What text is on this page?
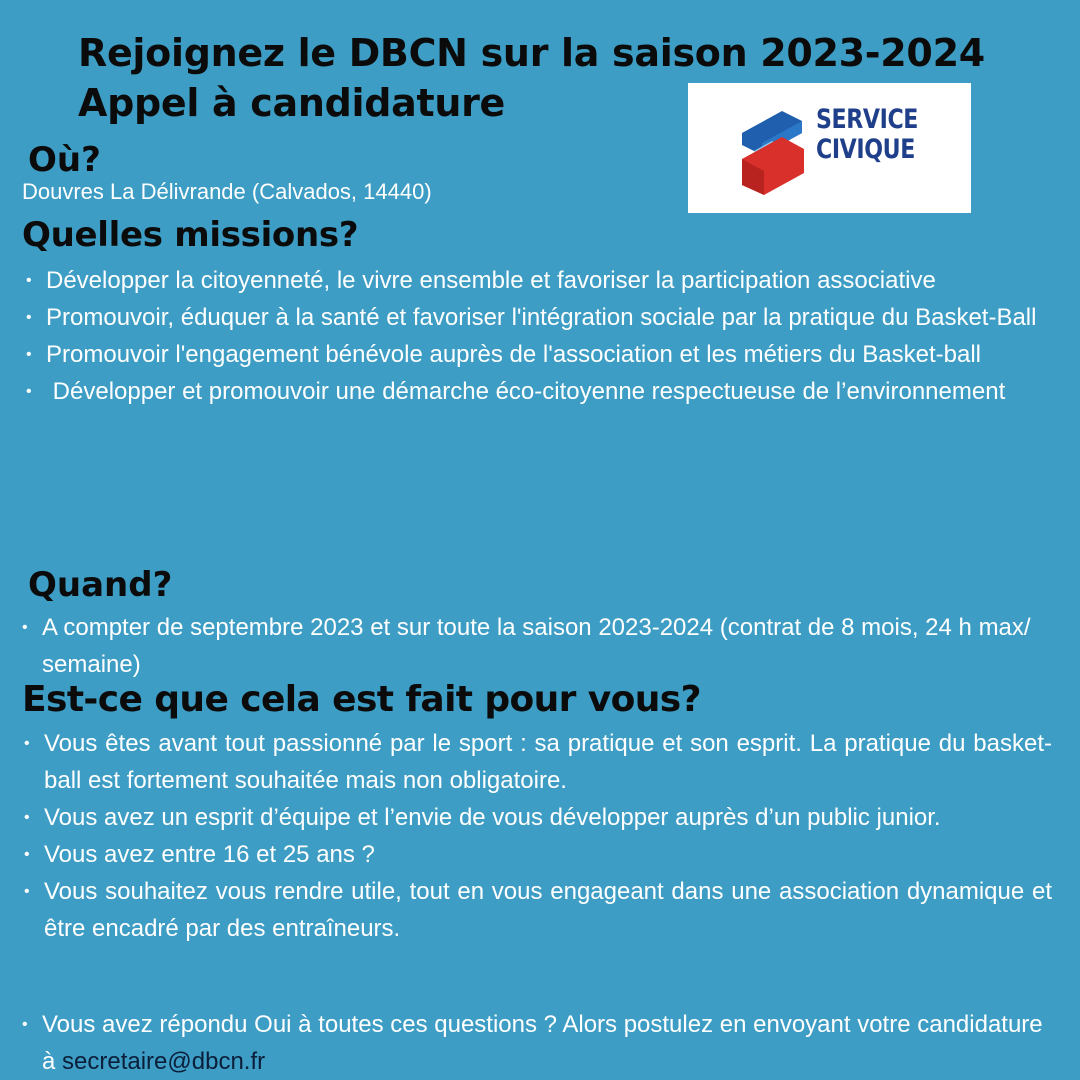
Rejoignez le DBCN sur la saison 2023-2024
Appel à candidature	SERVICE
CIVIQUE
Où?

Douvres La Délivrande (Calvados, 14440)

Quelles missions?
• Développer la citoyenneté, le vivre ensemble et favoriser la participation associative
• Promouvoir, éduquer à la santé et favoriser l'intégration sociale par la pratique du Basket-Ball
• Promouvoir l'engagement bénévole auprès de l'association et les métiers du Basket-ball
•  Développer et promouvoir une démarche éco-citoyenne respectueuse de l’environnement
Quand?
• A compter de septembre 2023 et sur toute la saison 2023-2024 (contrat de 8 mois, 24 h max/ semaine)
Est-ce que cela est fait pour vous?
• Vous êtes avant tout passionné par le sport : sa pratique et son esprit. La pratique du basket-ball est fortement souhaitée mais non obligatoire.
• Vous avez un esprit d’équipe et l’envie de vous développer auprès d’un public junior.
• Vous avez entre 16 et 25 ans ?
• Vous souhaitez vous rendre utile, tout en vous engageant dans une association dynamique et être encadré par des entraîneurs.
• Vous avez répondu Oui à toutes ces questions ? Alors postulez en envoyant votre candidature à secretaire@dbcn.fr
